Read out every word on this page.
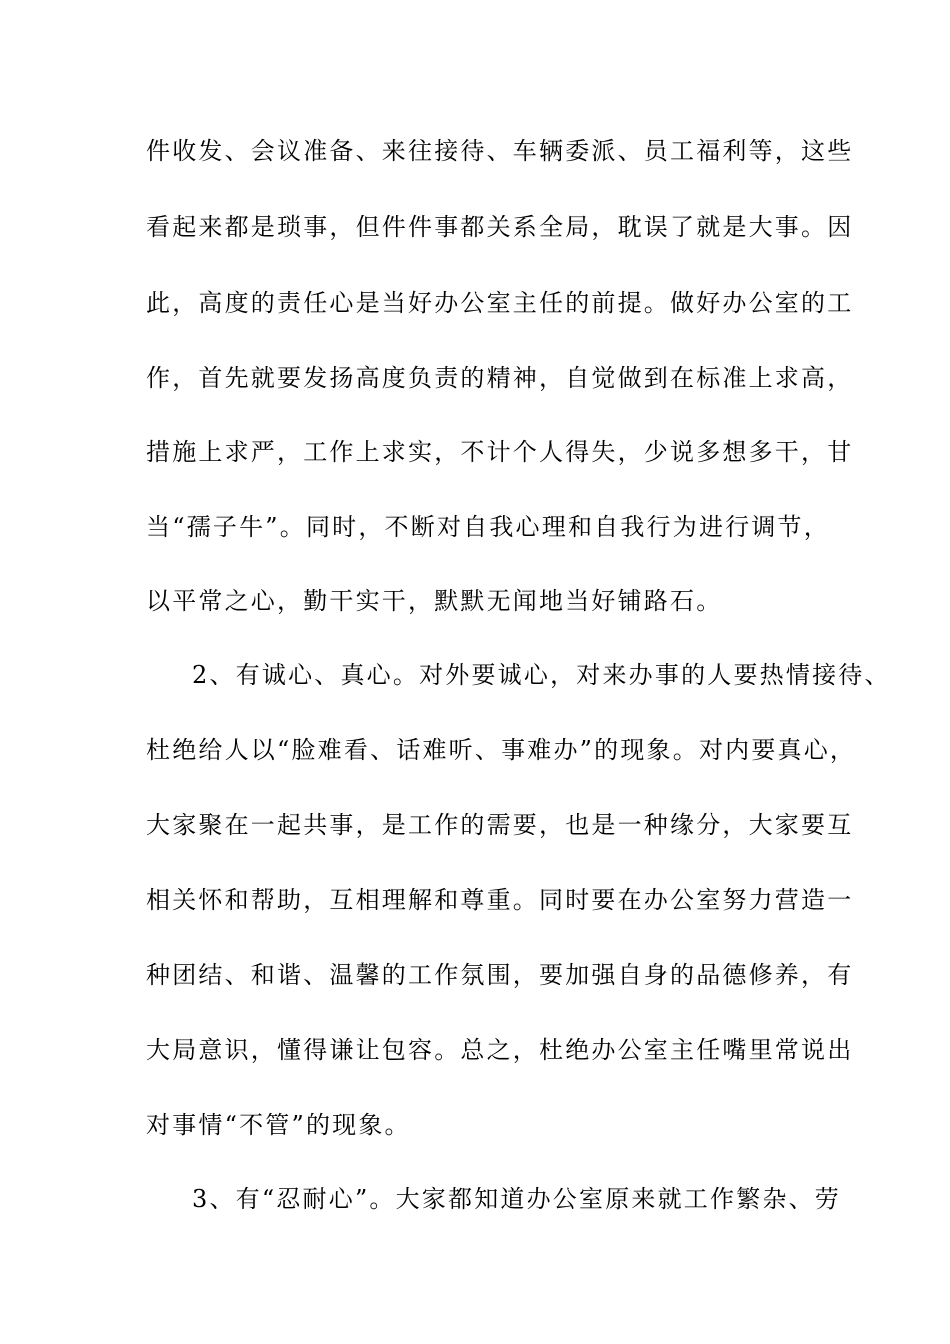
件收发、会议准备、来往接待、车辆委派、员工福利等，这些
看起来都是琐事，但件件事都关系全局，耽误了就是大事。因
此，高度的责任心是当好办公室主任的前提。做好办公室的工
作，首先就要发扬高度负责的精神，自觉做到在标准上求高，
措施上求严，工作上求实，不计个人得失，少说多想多干，甘
当“孺子牛”。同时，不断对自我心理和自我行为进行调节，
以平常之心，勤干实干，默默无闻地当好铺路石。
2、有诚心、真心。对外要诚心，对来办事的人要热情接待、
杜绝给人以“脸难看、话难听、事难办”的现象。对内要真心，
大家聚在一起共事，是工作的需要，也是一种缘分，大家要互
相关怀和帮助，互相理解和尊重。同时要在办公室努力营造一
种团结、和谐、温馨的工作氛围，要加强自身的品德修养，有
大局意识，懂得谦让包容。总之，杜绝办公室主任嘴里常说出
对事情“不管”的现象。
3、有“忍耐心”。大家都知道办公室原来就工作繁杂、劳
